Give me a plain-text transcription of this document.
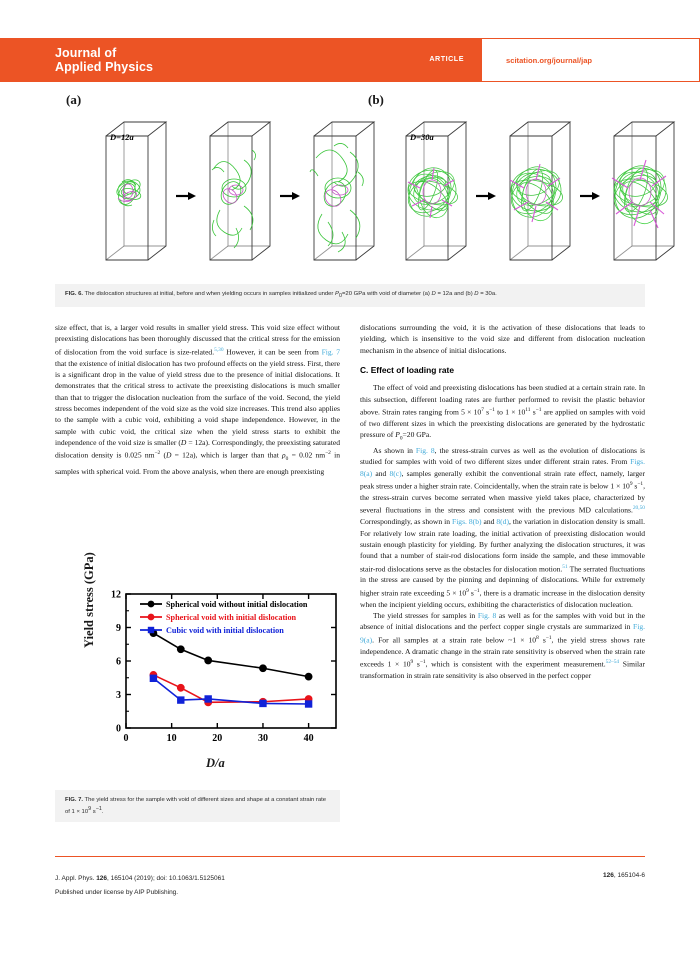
Journal of
Applied Physics
ARTICLE	scitation.org/journal/jap
(a)	(b)
D=12a	D=30a
FIG. 6. The dislocation structures at initial, before and when yielding occurs in samples initialized under $P_0=20$ GPa with void of diameter (a) D = 12a and (b) D = 30a.

size effect, that is, a larger void results in smaller yield stress. This void size effect without preexisting dislocations has been thoroughly discussed that the critical stress for the emission of dislocation from the void surface is size-related.$^{5,30}$ However, it can be seen from Fig. 7 that the existence of initial dislocation has two profound effects on the yield stress. First, there is a significant drop in the value of yield stress due to the presence of initial dislocations. It demonstrates that the critical stress to activate the preexisting dislocations is much smaller than that to trigger the dislocation nucleation from the surface of the void. Second, the yield stress becomes independent of the void size as the void size increases. This trend also applies to the sample with a cubic void, exhibiting a void shape independence. However, in the sample with cubic void, the critical size when the yield stress starts to exhibit the independence of the void size is smaller (D = 12a). Correspondingly, the preexisting saturated dislocation density is 0.025 $nm^{-2}$ (D = 12a), which is larger than that $\rho_0 = 0.02$ $nm^{-2}$ in samples with spherical void. From the above analysis, when there are enough preexisting

dislocations surrounding the void, it is the activation of these dislocations that leads to yielding, which is insensitive to the void size and different from dislocation nucleation mechanism in the absence of initial dislocations.

C. Effect of loading rate

The effect of void and preexisting dislocations has been studied at a certain strain rate. In this subsection, different loading rates are further performed to revisit the plastic behavior above. Strain rates ranging from $5 \times 10^7$ $s^{-1}$ to $1 \times 10^{11}$ $s^{-1}$ are applied on samples with void of two different sizes in which the preexisting dislocations are generated by the hydrostatic pressure of $P_0=20$ GPa.

As shown in Fig. 8, the stress-strain curves as well as the evolution of dislocations is studied for samples with void of two different sizes under different strain rates. From Figs. 8(a) and 8(c), samples generally exhibit the conventional strain rate effect, namely, larger peak stress under a higher strain rate. Coincidentally, when the strain rate is below $1 \times 10^9$ $s^{-1}$, the stress-strain curves become serrated when massive yield takes place, characterized by several fluctuations in the stress and consistent with the previous MD calculations.$^{20,50}$ Correspondingly, as shown in Figs. 8(b) and 8(d), the variation in dislocation density is small. For relatively low strain rate loading, the initial activation of preexisting dislocation would sustain enough plasticity for yielding. By further analyzing the dislocation structures, it was found that a number of stair-rod dislocations form inside the sample, and these immovable stair-rod dislocations serve as the obstacles for dislocation motion.$^{51}$ The serrated fluctuations in the stress are caused by the pinning and depinning of dislocations. While for extremely higher strain rate exceeding $5 \times 10^9$ $s^{-1}$, there is a dramatic increase in the dislocation density when the incipient yielding occurs, exhibiting the characteristics of dislocation nucleation.

The yield stresses for samples in Fig. 8 as well as for the samples with void but in the absence of initial dislocations and the perfect copper single crystals are summarized in Fig. 9(a). For all samples at a strain rate below ~1 × $10^8$ $s^{-1}$, the yield stress shows rate independence. A dramatic change in the strain rate sensitivity is observed when the strain rate exceeds $1 \times 10^9$ $s^{-1}$, which is consistent with the experiment measurement.$^{52-54}$ Similar transformation in strain rate sensitivity is also observed in the perfect copper

Yield stress (GPa)
D/a
0	10	20	30	40
0
3
6
9
12
Spherical void without initial dislocation
Spherical void with initial dislocation
Cubic void with initial dislocation
FIG. 7. The yield stress for the sample with void of different sizes and shape at a constant strain rate of $1 \times 10^9$ $s^{-1}$.
J. Appl. Phys. 126, 165104 (2019); doi: 10.1063/1.5125061
Published under license by AIP Publishing.
126, 165104-6
